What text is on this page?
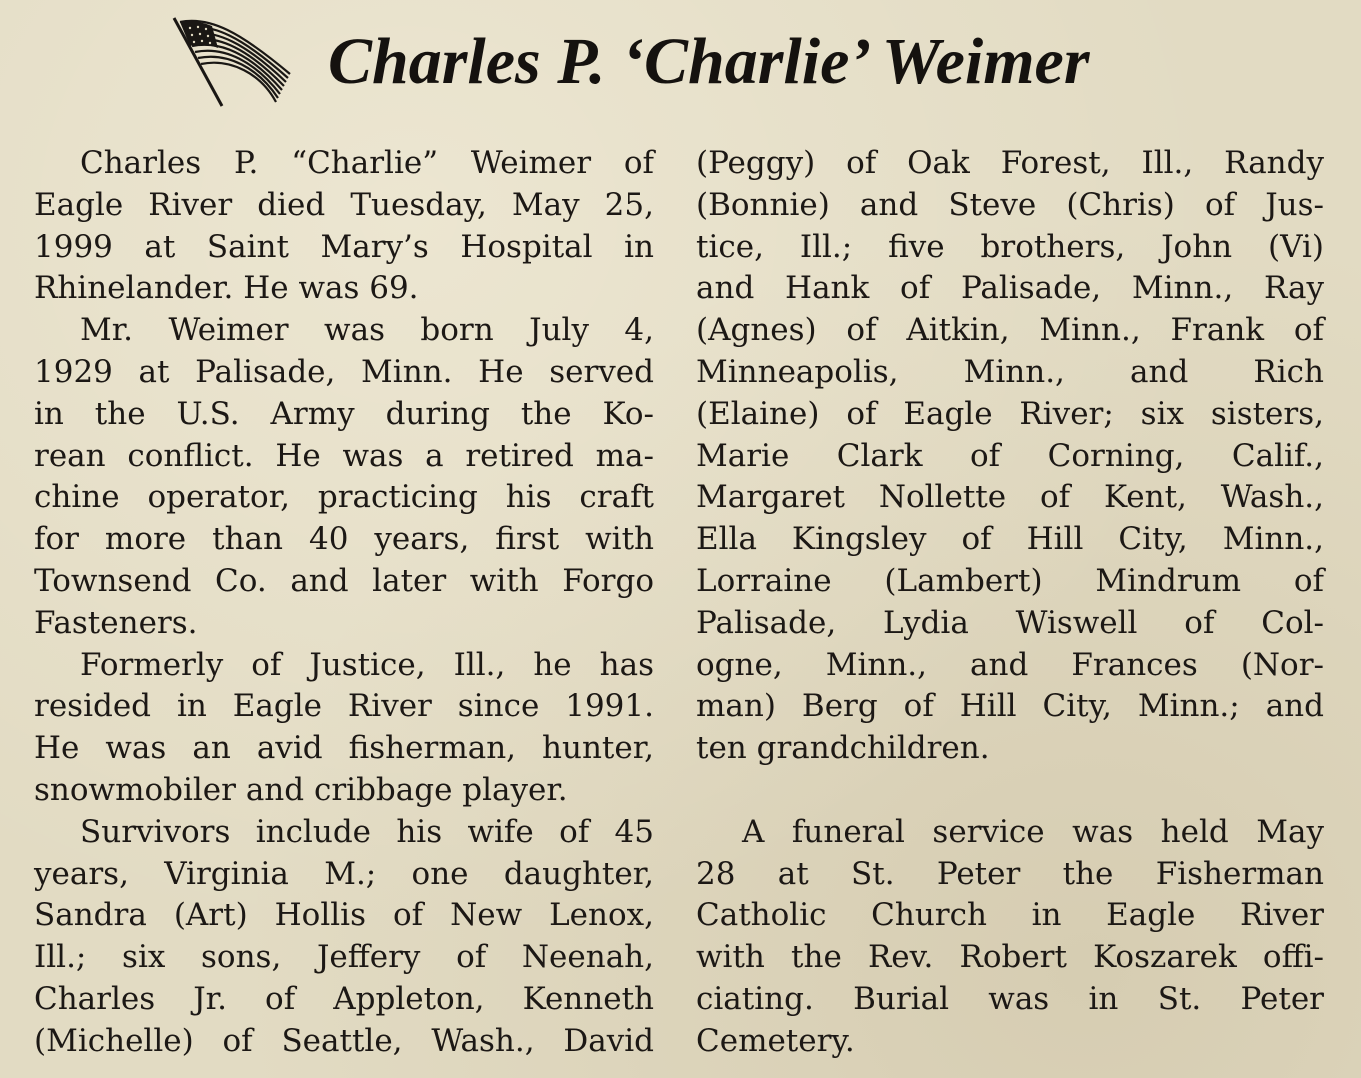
Charles P. ‘Charlie’ Weimer
Charles P. “Charlie” Weimer of
Eagle River died Tuesday, May 25,
1999 at Saint Mary’s Hospital in
Rhinelander. He was 69.
Mr. Weimer was born July 4,
1929 at Palisade, Minn. He served
in the U.S. Army during the Ko-
rean conflict. He was a retired ma-
chine operator, practicing his craft
for more than 40 years, first with
Townsend Co. and later with Forgo
Fasteners.
Formerly of Justice, Ill., he has
resided in Eagle River since 1991.
He was an avid fisherman, hunter,
snowmobiler and cribbage player.
Survivors include his wife of 45
years, Virginia M.; one daughter,
Sandra (Art) Hollis of New Lenox,
Ill.; six sons, Jeffery of Neenah,
Charles Jr. of Appleton, Kenneth
(Michelle) of Seattle, Wash., David
(Peggy) of Oak Forest, Ill., Randy
(Bonnie) and Steve (Chris) of Jus-
tice, Ill.; five brothers, John (Vi)
and Hank of Palisade, Minn., Ray
(Agnes) of Aitkin, Minn., Frank of
Minneapolis, Minn., and Rich
(Elaine) of Eagle River; six sisters,
Marie Clark of Corning, Calif.,
Margaret Nollette of Kent, Wash.,
Ella Kingsley of Hill City, Minn.,
Lorraine (Lambert) Mindrum of
Palisade, Lydia Wiswell of Col-
ogne, Minn., and Frances (Nor-
man) Berg of Hill City, Minn.; and
ten grandchildren.
A funeral service was held May
28 at St. Peter the Fisherman
Catholic Church in Eagle River
with the Rev. Robert Koszarek offi-
ciating. Burial was in St. Peter
Cemetery.
